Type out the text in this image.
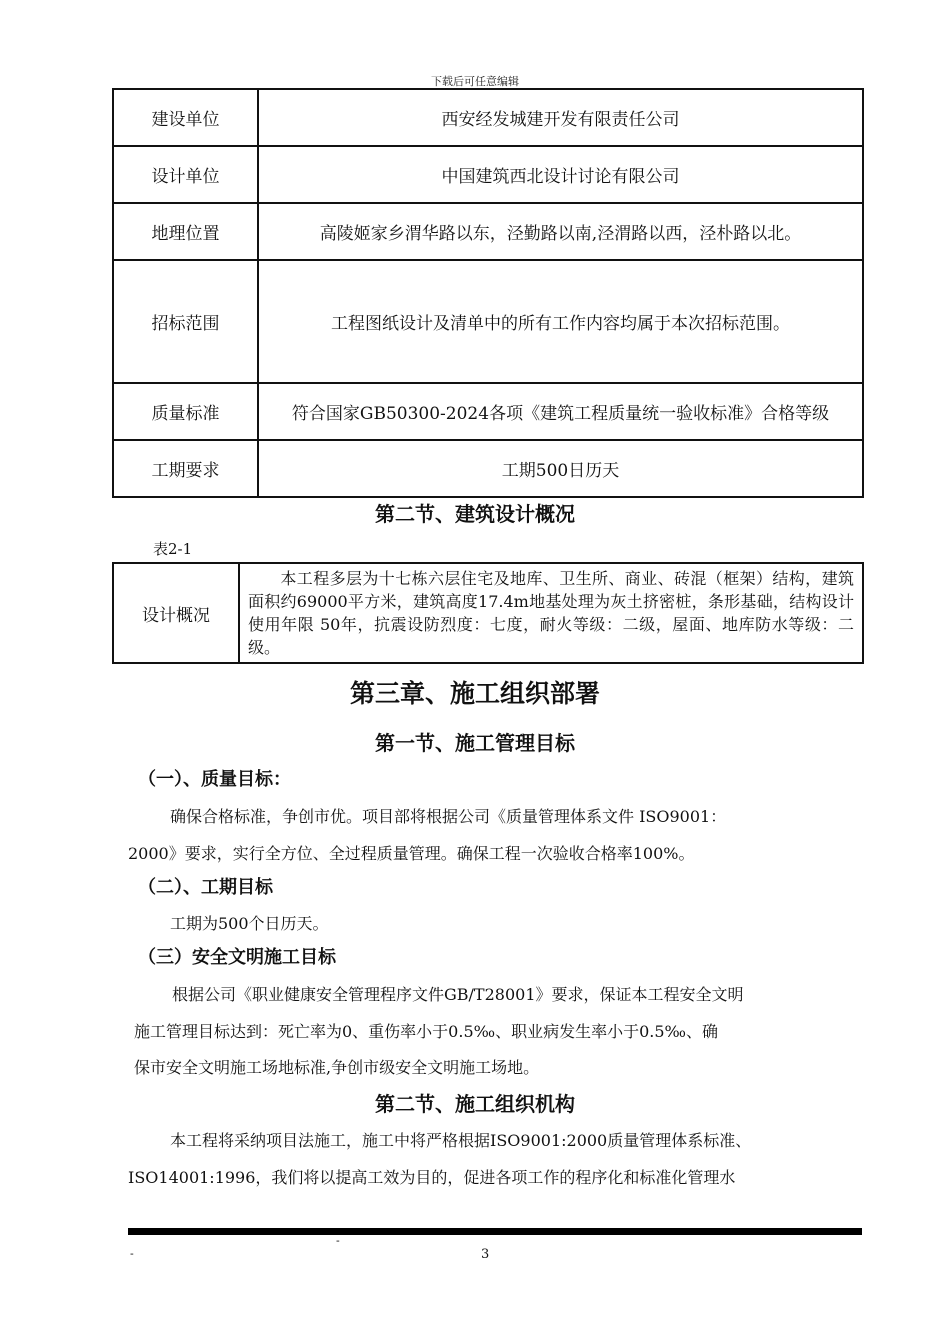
下载后可任意编辑
建设单位	西安经发城建开发有限责任公司
设计单位	中国建筑西北设计讨论有限公司
地理位置	高陵姬家乡渭华路以东，泾勤路以南,泾渭路以西，泾朴路以北。
招标范围	工程图纸设计及清单中的所有工作内容均属于本次招标范围。
质量标准	符合国家GB50300-2024各项《建筑工程质量统一验收标准》合格等级
工期要求	工期500日历天
第二节、建筑设计概况
表2-1
设计概况	本工程多层为十七栋六层住宅及地库、卫生所、商业、砖混（框架）结构，建筑面积约69000平方米，建筑高度17.4m地基处理为灰土挤密桩，条形基础，结构设计使用年限 50年，抗震设防烈度：七度，耐火等级：二级，屋面、地库防水等级：二级。
第三章、施工组织部署
第一节、施工管理目标
（一）、质量目标：
确保合格标准，争创市优。项目部将根据公司《质量管理体系文件 ISO9001：
2000》要求，实行全方位、全过程质量管理。确保工程一次验收合格率100%。
（二）、工期目标
工期为500个日历天。
（三）安全文明施工目标
根据公司《职业健康安全管理程序文件GB/T28001》要求，保证本工程安全文明
施工管理目标达到：死亡率为0、重伤率小于0.5‰、职业病发生率小于0.5‰、确
保市安全文明施工场地标准,争创市级安全文明施工场地。
第二节、施工组织机构
本工程将采纳项目法施工，施工中将严格根据ISO9001:2000质量管理体系标准、
ISO14001:1996，我们将以提高工效为目的，促进各项工作的程序化和标准化管理水
-
-
3
